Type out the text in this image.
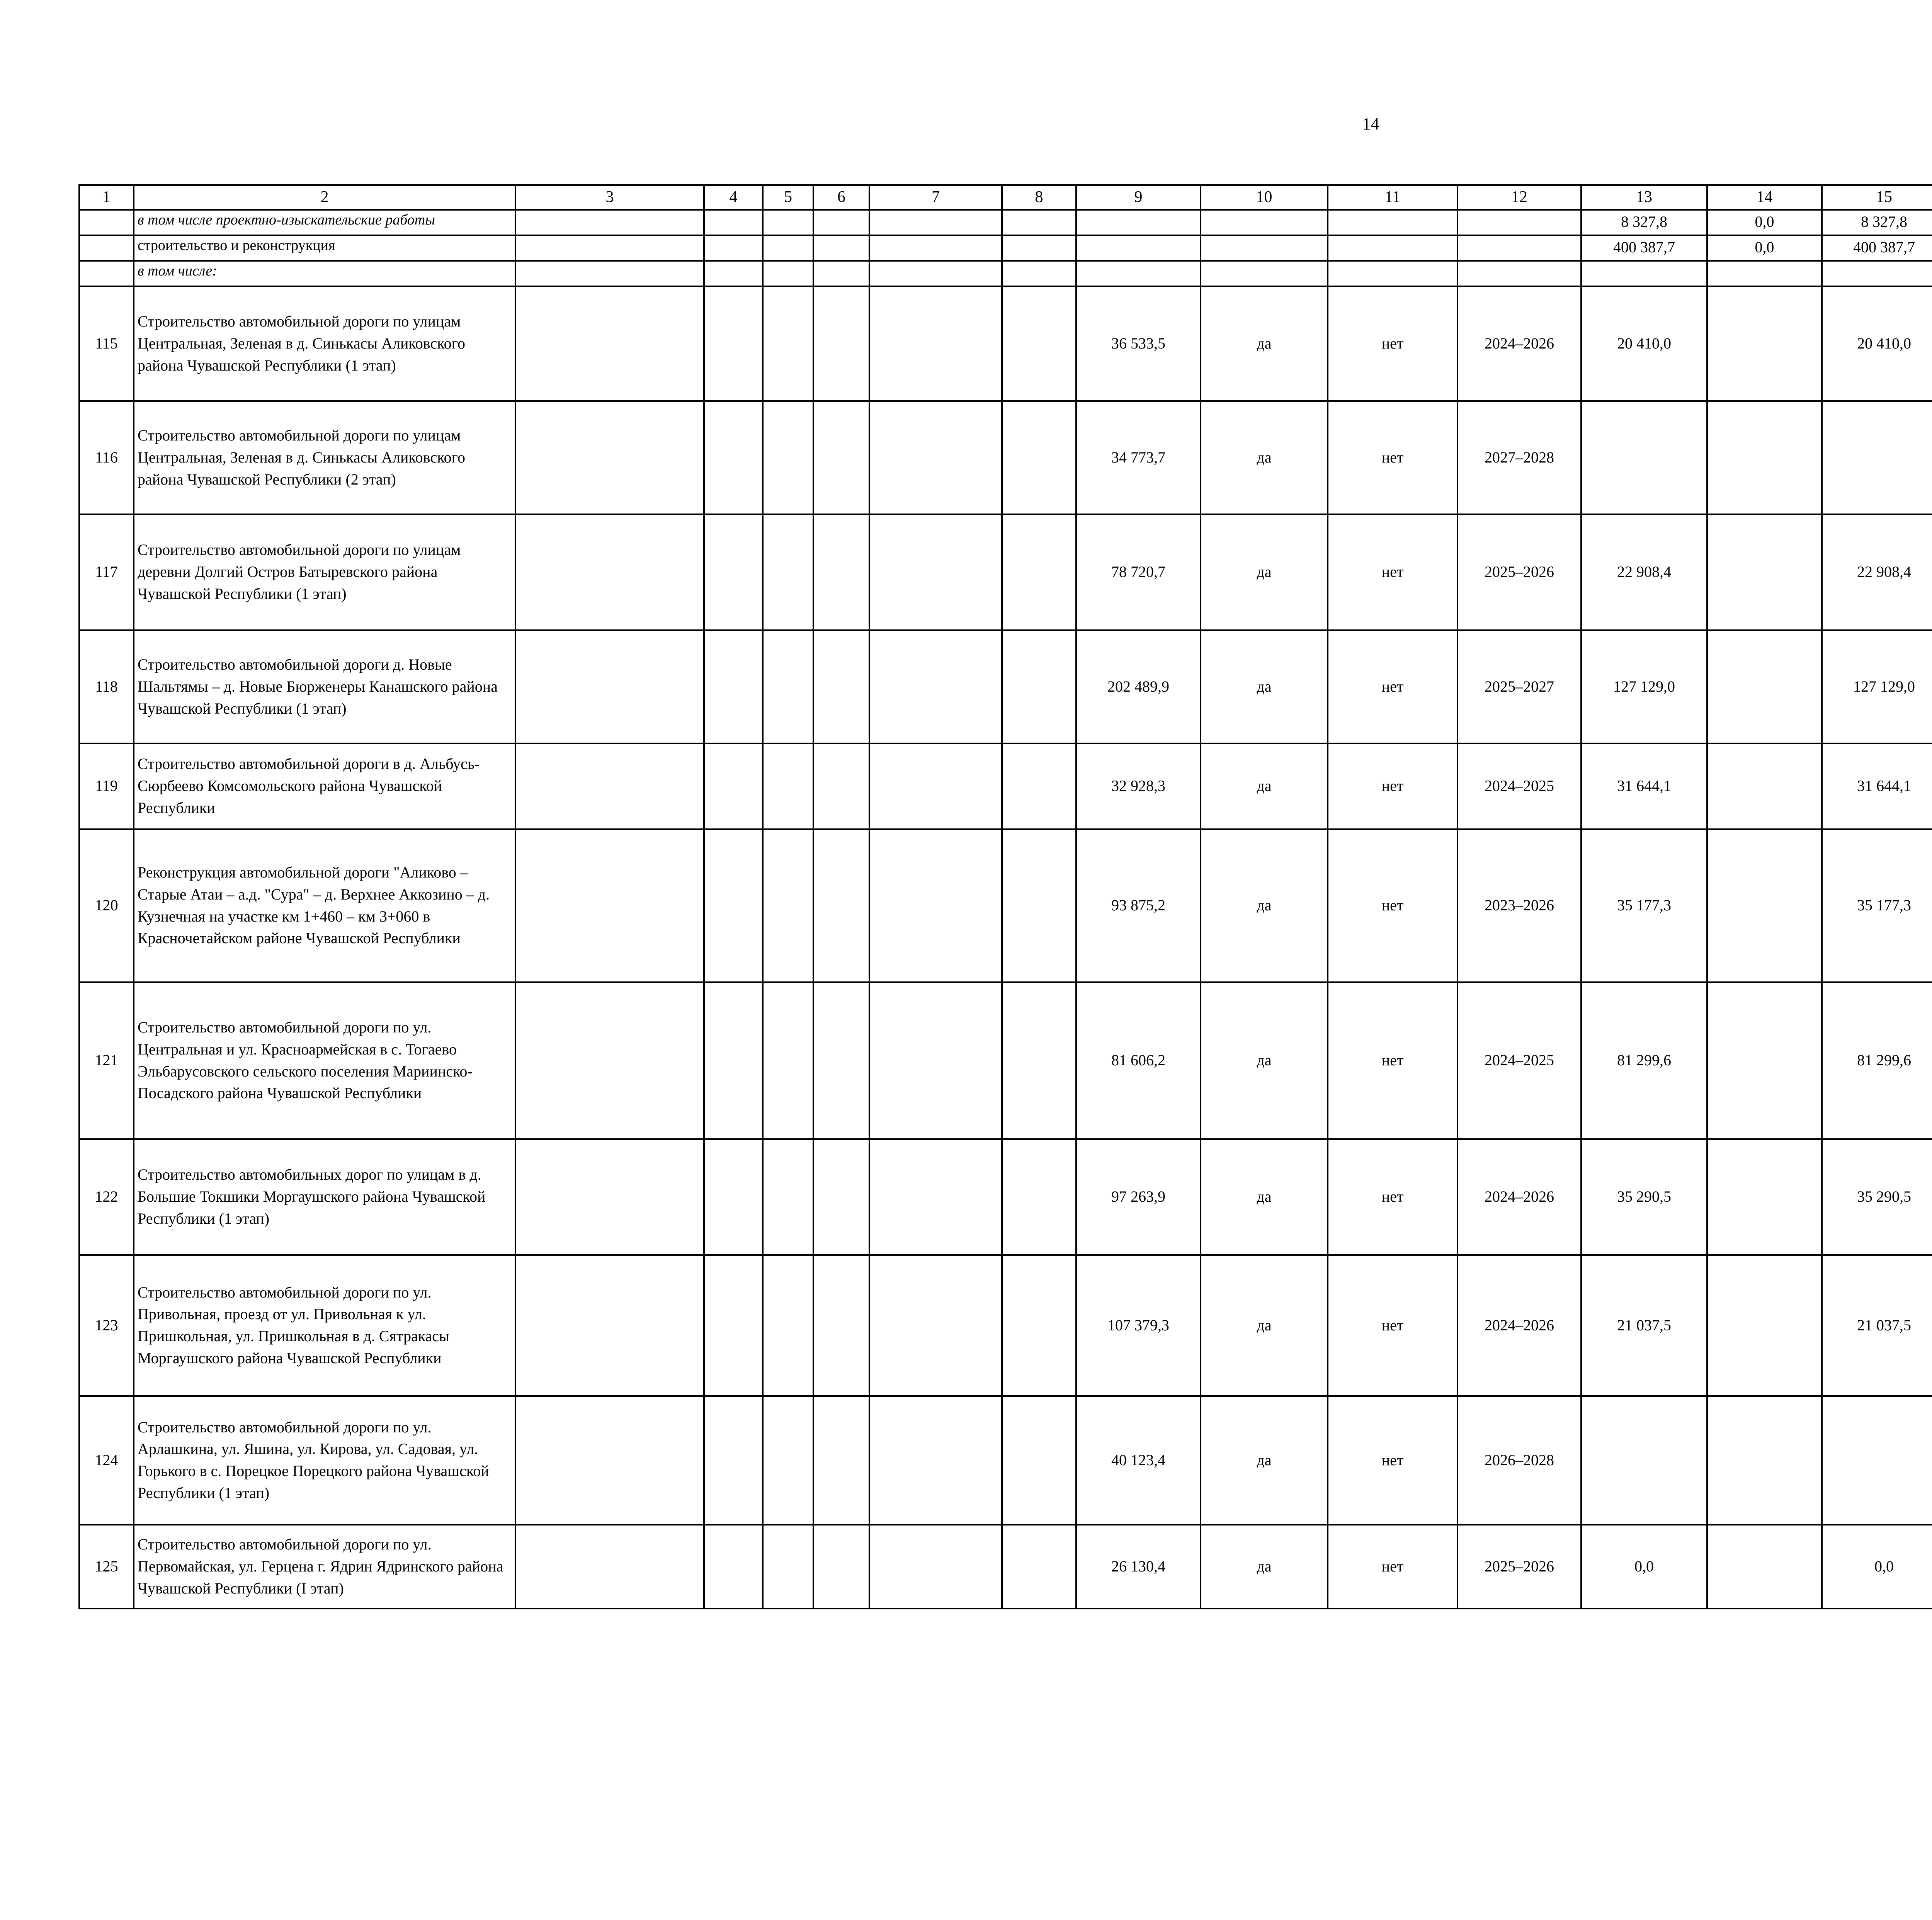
14
1	2	3	4	5	6	7	8	9	10	11	12	13	14	15						
	в том числе проектно-изыскательские работы											8 327,8	0,0	8 327,8						
	строительство и реконструкция											400 387,7	0,0	400 387,7						
	в том числе:																			
115	Строительство автомобильной дороги по улицам Центральная, Зеленая в д. Синькасы Аликовского района Чувашской Республики (1 этап)							36 533,5	да	нет	2024–2026	20 410,0		20 410,0						
116	Строительство автомобильной дороги по улицам Центральная, Зеленая в д. Синькасы Аликовского района Чувашской Республики (2 этап)							34 773,7	да	нет	2027–2028									
117	Строительство автомобильной дороги по улицам деревни Долгий Остров Батыревского района Чувашской Республики (1 этап)							78 720,7	да	нет	2025–2026	22 908,4		22 908,4						
118	Строительство автомобильной дороги д. Новые Шальтямы – д. Новые Бюрженеры Канашского района Чувашской Республики (1 этап)							202 489,9	да	нет	2025–2027	127 129,0		127 129,0						
119	Строительство автомобильной дороги в д. Альбусь-Сюрбеево Комсомольского района Чувашской Республики							32 928,3	да	нет	2024–2025	31 644,1		31 644,1						
120	Реконструкция автомобильной дороги "Аликово – Старые Атаи – а.д. "Сура" – д. Верхнее Аккозино – д. Кузнечная на участке км 1+460 – км 3+060 в Красночетайском районе Чувашской Республики							93 875,2	да	нет	2023–2026	35 177,3		35 177,3						
121	Строительство автомобильной дороги по ул. Центральная и ул. Красноармейская в с. Тогаево Эльбарусовского сельского поселения Мариинско-Посадского района Чувашской Республики							81 606,2	да	нет	2024–2025	81 299,6		81 299,6						
122	Строительство автомобильных дорог по улицам в д. Большие Токшики Моргаушского района Чувашской Республики (1 этап)							97 263,9	да	нет	2024–2026	35 290,5		35 290,5						
123	Строительство автомобильной дороги по ул. Привольная, проезд от ул. Привольная к ул. Пришкольная, ул. Пришкольная в д. Сятракасы Моргаушского района Чувашской Республики							107 379,3	да	нет	2024–2026	21 037,5		21 037,5						
124	Строительство автомобильной дороги по ул. Арлашкина, ул. Яшина, ул. Кирова, ул. Садовая, ул. Горького в с. Порецкое Порецкого района Чувашской Республики (1 этап)							40 123,4	да	нет	2026–2028									
125	Строительство автомобильной дороги по ул. Первомайская, ул. Герцена г. Ядрин Ядринского района Чувашской Республики (I этап)							26 130,4	да	нет	2025–2026	0,0		0,0						
